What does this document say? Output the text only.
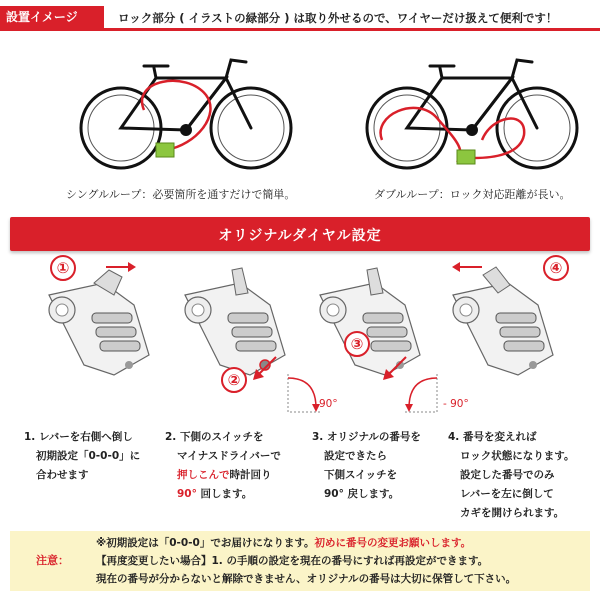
設置イメージ	ロック部分 ( イラストの緑部分 ) は取り外せるので、ワイヤーだけ扱えて便利です！
シングルループ：必要箇所を通すだけで簡単。	ダブルループ：ロック対応距離が長い。
オリジナルダイヤル設定
①
②
③
④
90°	- 90°
1. レバーを右側へ倒し
初期設定「0-0-0」に
合わせます
2. 下側のスイッチを
マイナスドライバーで
押しこんで時計回り
90° 回します。
3. オリジナルの番号を
設定できたら
下側スイッチを
90° 戻します。
4. 番号を変えれば
ロック状態になります。
設定した番号でのみ
レバーを左に倒して
カギを開けられます。
注意：
※初期設定は「0-0-0」でお届けになります。初めに番号の変更お願いします。
【再度変更したい場合】1. の手順の設定を現在の番号にすれば再設定ができます。
現在の番号が分からないと解除できません、オリジナルの番号は大切に保管して下さい。
